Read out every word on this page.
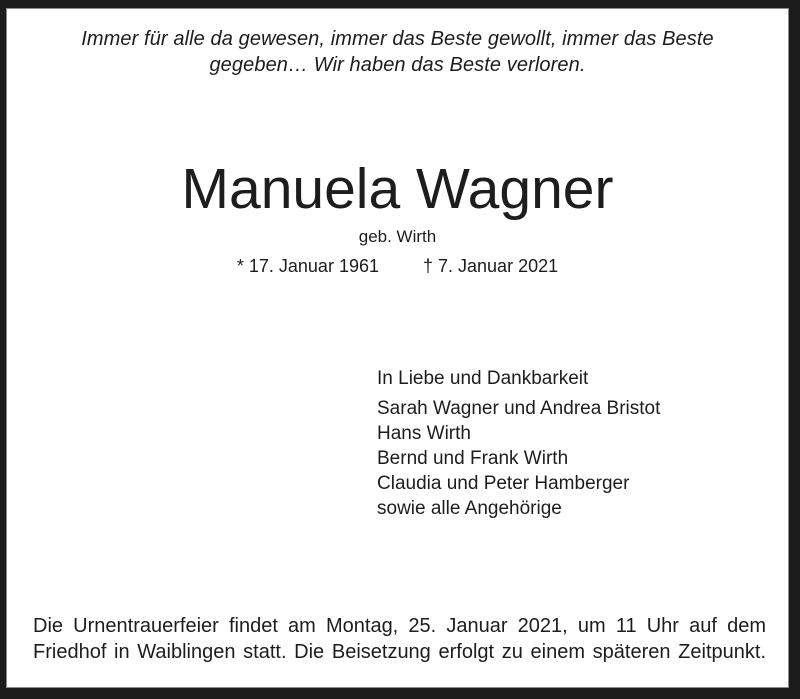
Immer für alle da gewesen, immer das Beste gewollt, immer das Beste
gegeben… Wir haben das Beste verloren.
Manuela Wagner
geb. Wirth
* 17. Januar 1961 † 7. Januar 2021
In Liebe und Dankbarkeit
Sarah Wagner und Andrea Bristot
Hans Wirth
Bernd und Frank Wirth
Claudia und Peter Hamberger
sowie alle Angehörige
Die Urnentrauerfeier findet am Montag, 25. Januar 2021, um 11 Uhr auf dem
Friedhof in Waiblingen statt. Die Beisetzung erfolgt zu einem späteren Zeitpunkt.
